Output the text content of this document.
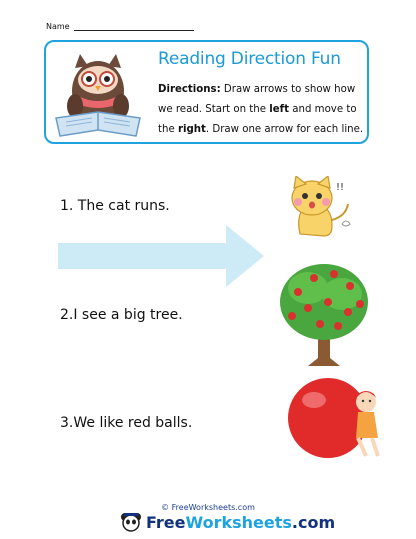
Name
Reading Direction Fun
Directions: Draw arrows to show how we read. Start on the left and move to the right. Draw one arrow for each line.
1. The cat runs.
2.I see a big tree.
3.We like red balls.
!!
© FreeWorksheets.com
FreeWorksheets.com
